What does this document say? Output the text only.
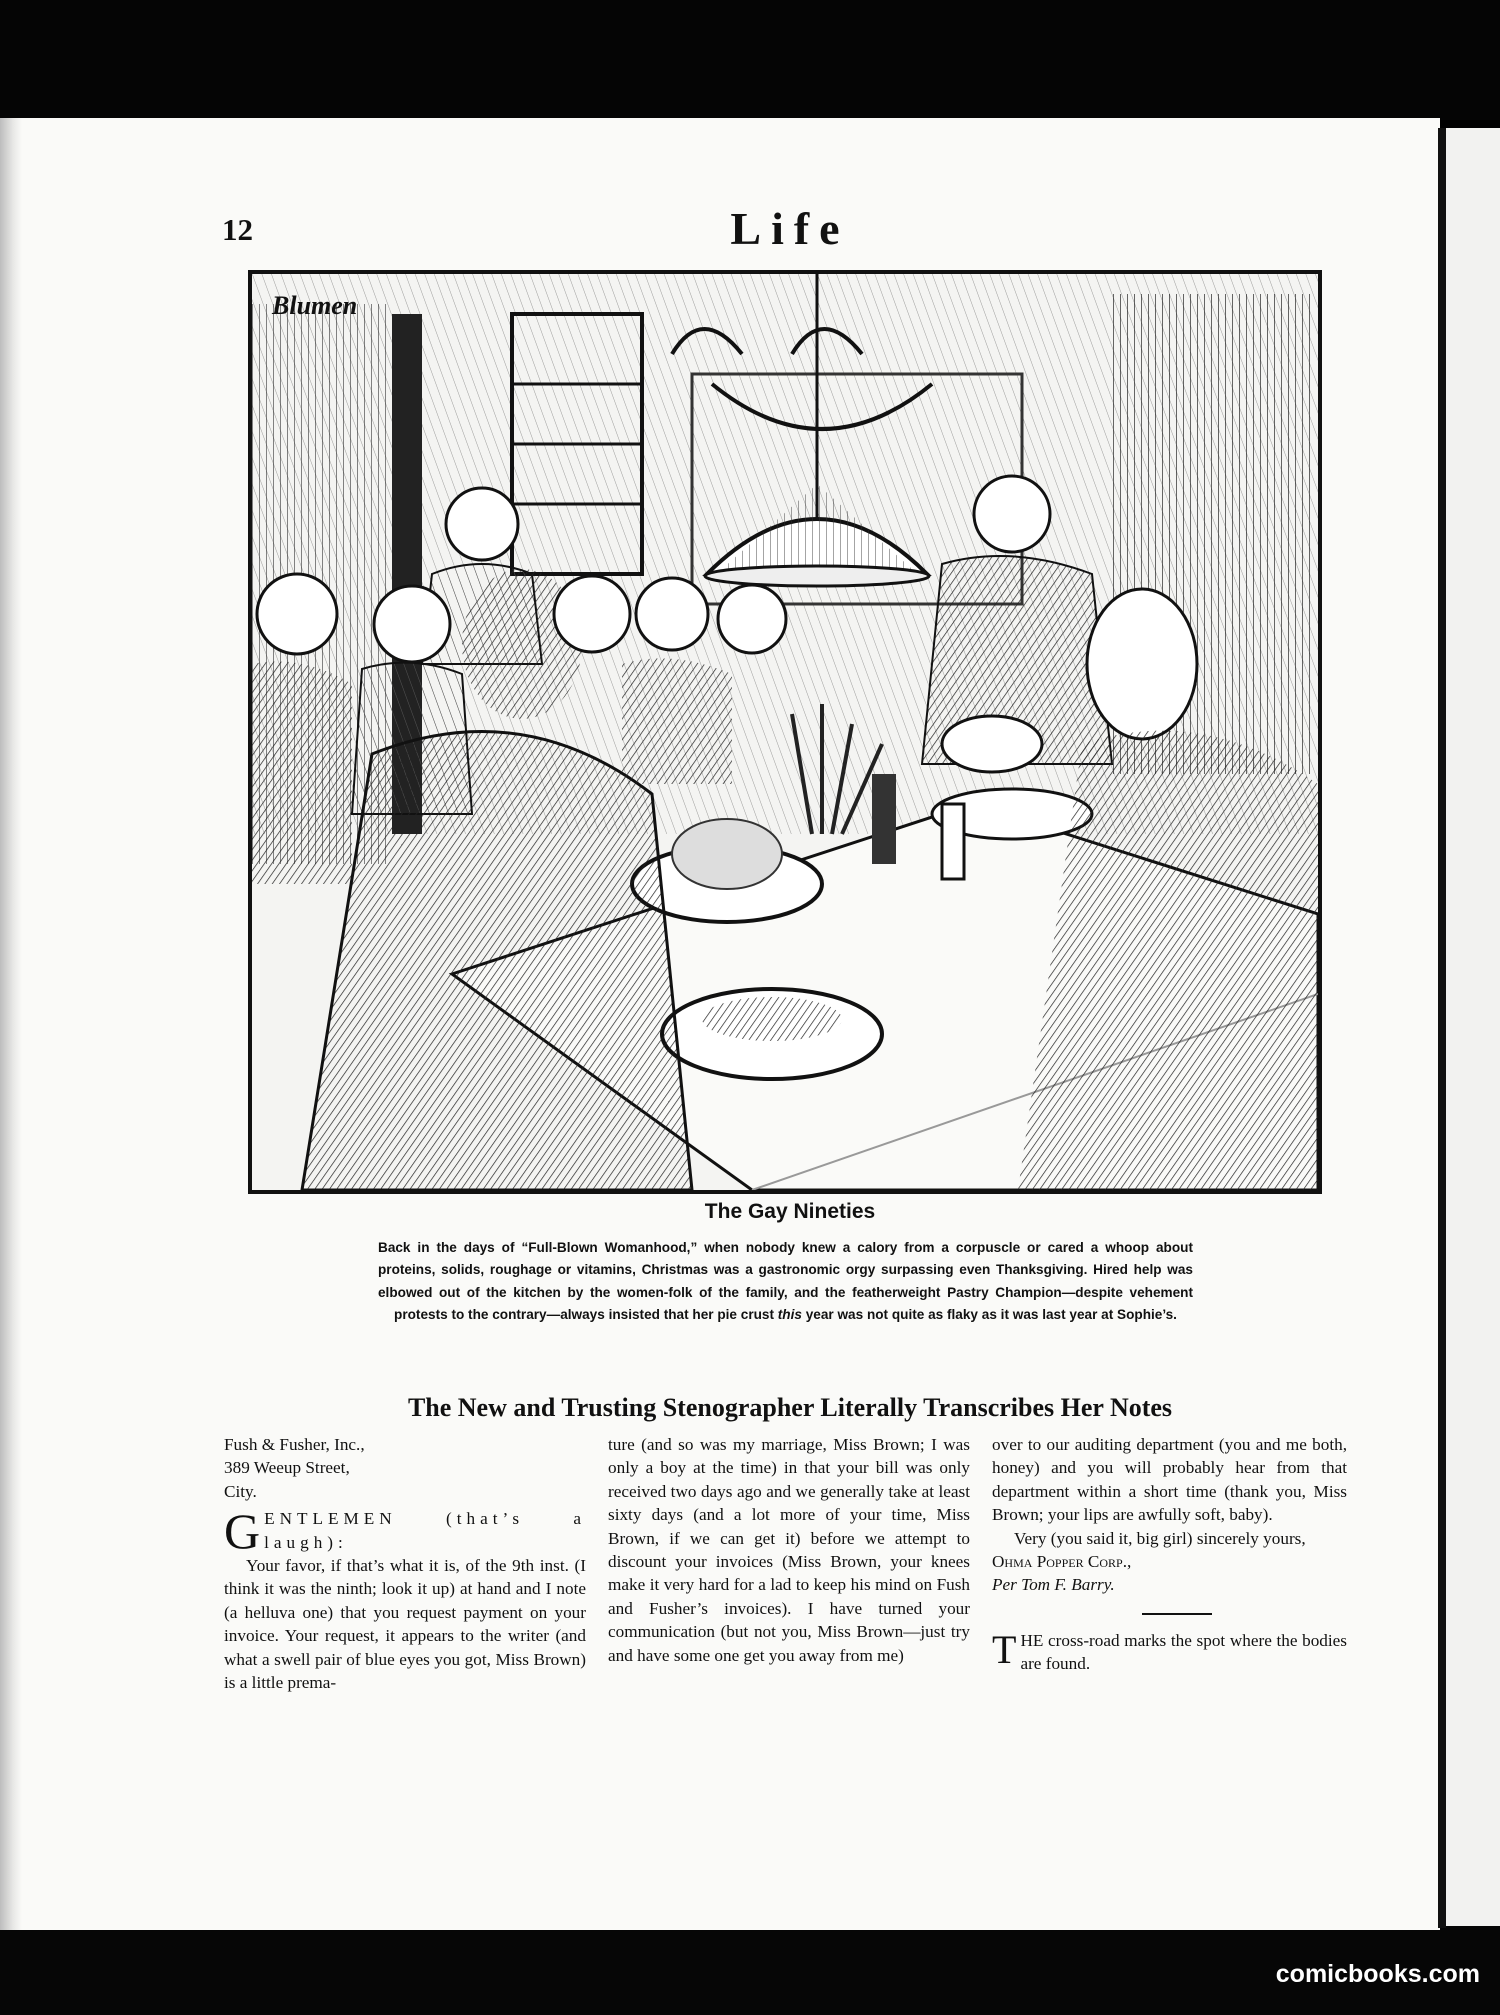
12	Life
Blumen
The Gay Nineties
Back in the days of “Full-Blown Womanhood,” when nobody knew a calory from a corpuscle or cared a whoop about proteins, solids, roughage or vitamins, Christmas was a gastronomic orgy surpassing even Thanksgiving. Hired help was elbowed out of the kitchen by the women-folk of the family, and the featherweight Pastry Champion—despite vehement protests to the contrary—always insisted that her pie crust this year was not quite as flaky as it was last year at Sophie’s.
The New and Trusting Stenographer Literally Transcribes Her Notes

Fush & Fusher, Inc.,

389 Weeup Street,

City.

GENTLEMEN (that’s a laugh):

Your favor, if that’s what it is, of the 9th inst. (I think it was the ninth; look it up) at hand and I note (a helluva one) that you request payment on your invoice. Your request, it appears to the writer (and what a swell pair of blue eyes you got, Miss Brown) is a little prema-

ture (and so was my marriage, Miss Brown; I was only a boy at the time) in that your bill was only received two days ago and we generally take at least sixty days (and a lot more of your time, Miss Brown, if we can get it) before we attempt to discount your invoices (Miss Brown, your knees make it very hard for a lad to keep his mind on Fush and Fusher’s invoices). I have turned your communication (but not you, Miss Brown—just try and have some one get you away from me)

over to our auditing department (you and me both, honey) and you will probably hear from that department within a short time (thank you, Miss Brown; your lips are awfully soft, baby).

Very (you said it, big girl) sincerely yours,

Ohma Popper Corp.,

Per Tom F. Barry.

THE cross-road marks the spot where the bodies are found.

comicbooks.com
